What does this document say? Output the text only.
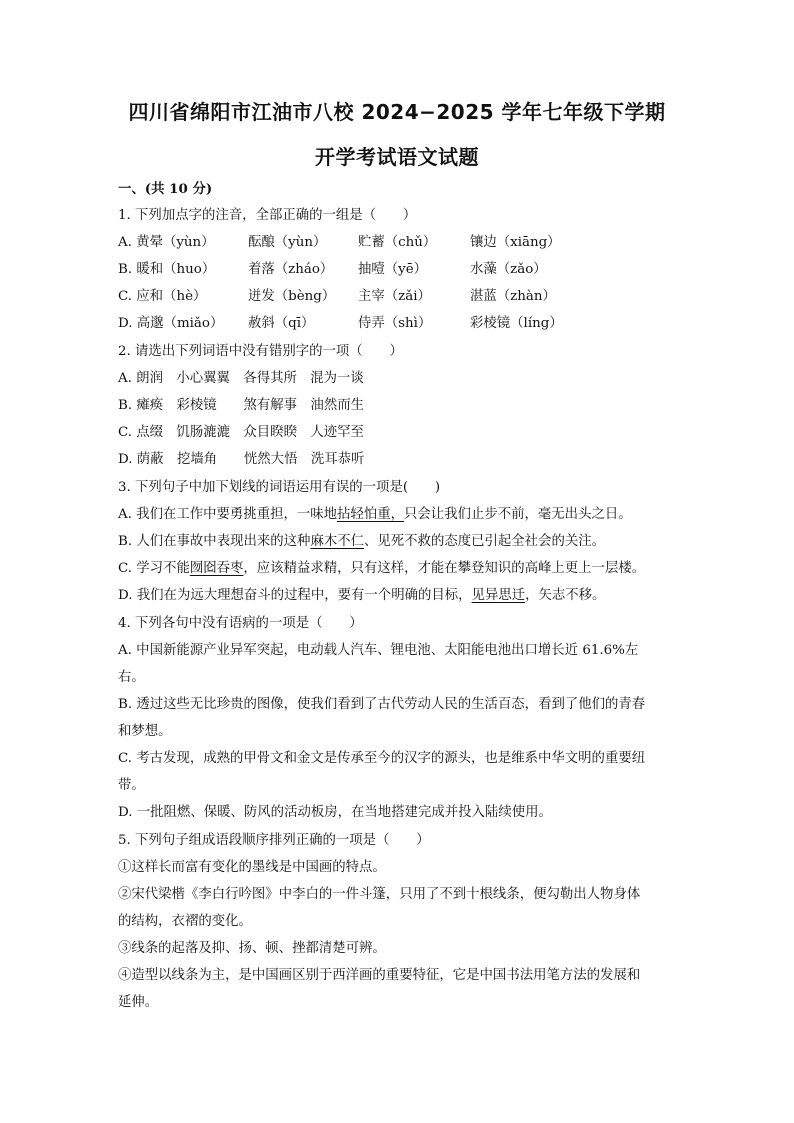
四川省绵阳市江油市八校 2024−2025 学年七年级下学期
开学考试语文试题
一、(共 10 分)
1. 下列加点字的注音，全部正确的一组是（　　）
A. 黄晕（yùn） 酝酿（yùn） 贮蓄（chǔ）	镶边（xiāng）
B. 暖和（huo） 着落（zháo） 抽噎（yē）	水藻（zǎo）
C. 应和（hè）	迸发（bèng） 主宰（zǎi）	湛蓝（zhàn）
D. 高邈（miǎo） 赦斜（qī）	侍弄（shì）	彩棱镜（líng）
2. 请选出下列词语中没有错别字的一项（　　）
A. 朗润　小心翼翼　各得其所　混为一谈
B. 瘫痪　彩棱镜　　煞有解事　油然而生
C. 点缀　饥肠漉漉　众目睽睽　人迹罕至
D. 荫蔽　挖墙角　　恍然大悟　洗耳恭听
3. 下列句子中加下划线的词语运用有误的一项是(　　)
A. 我们在工作中要勇挑重担，一味地拈轻怕重，只会让我们止步不前，毫无出头之日。
B. 人们在事故中表现出来的这种麻木不仁、见死不救的态度已引起全社会的关注。
C. 学习不能囫囵吞枣，应该精益求精，只有这样，才能在攀登知识的高峰上更上一层楼。
D. 我们在为远大理想奋斗的过程中，要有一个明确的目标，见异思迁，矢志不移。
4. 下列各句中没有语病的一项是（　　）
A. 中国新能源产业异军突起，电动载人汽车、锂电池、太阳能电池出口增长近 61.6%左
右。
B. 透过这些无比珍贵的图像，使我们看到了古代劳动人民的生活百态，看到了他们的青春
和梦想。
C. 考古发现，成熟的甲骨文和金文是传承至今的汉字的源头，也是维系中华文明的重要纽
带。
D. 一批阻燃、保暖、防风的活动板房，在当地搭建完成并投入陆续使用。
5. 下列句子组成语段顺序排列正确的一项是（　　）
①这样长而富有变化的墨线是中国画的特点。
②宋代梁楷《李白行吟图》中李白的一件斗篷，只用了不到十根线条，便勾勒出人物身体
的结构，衣褶的变化。
③线条的起落及抑、扬、顿、挫都清楚可辨。
④造型以线条为主，是中国画区别于西洋画的重要特征，它是中国书法用笔方法的发展和
延伸。
